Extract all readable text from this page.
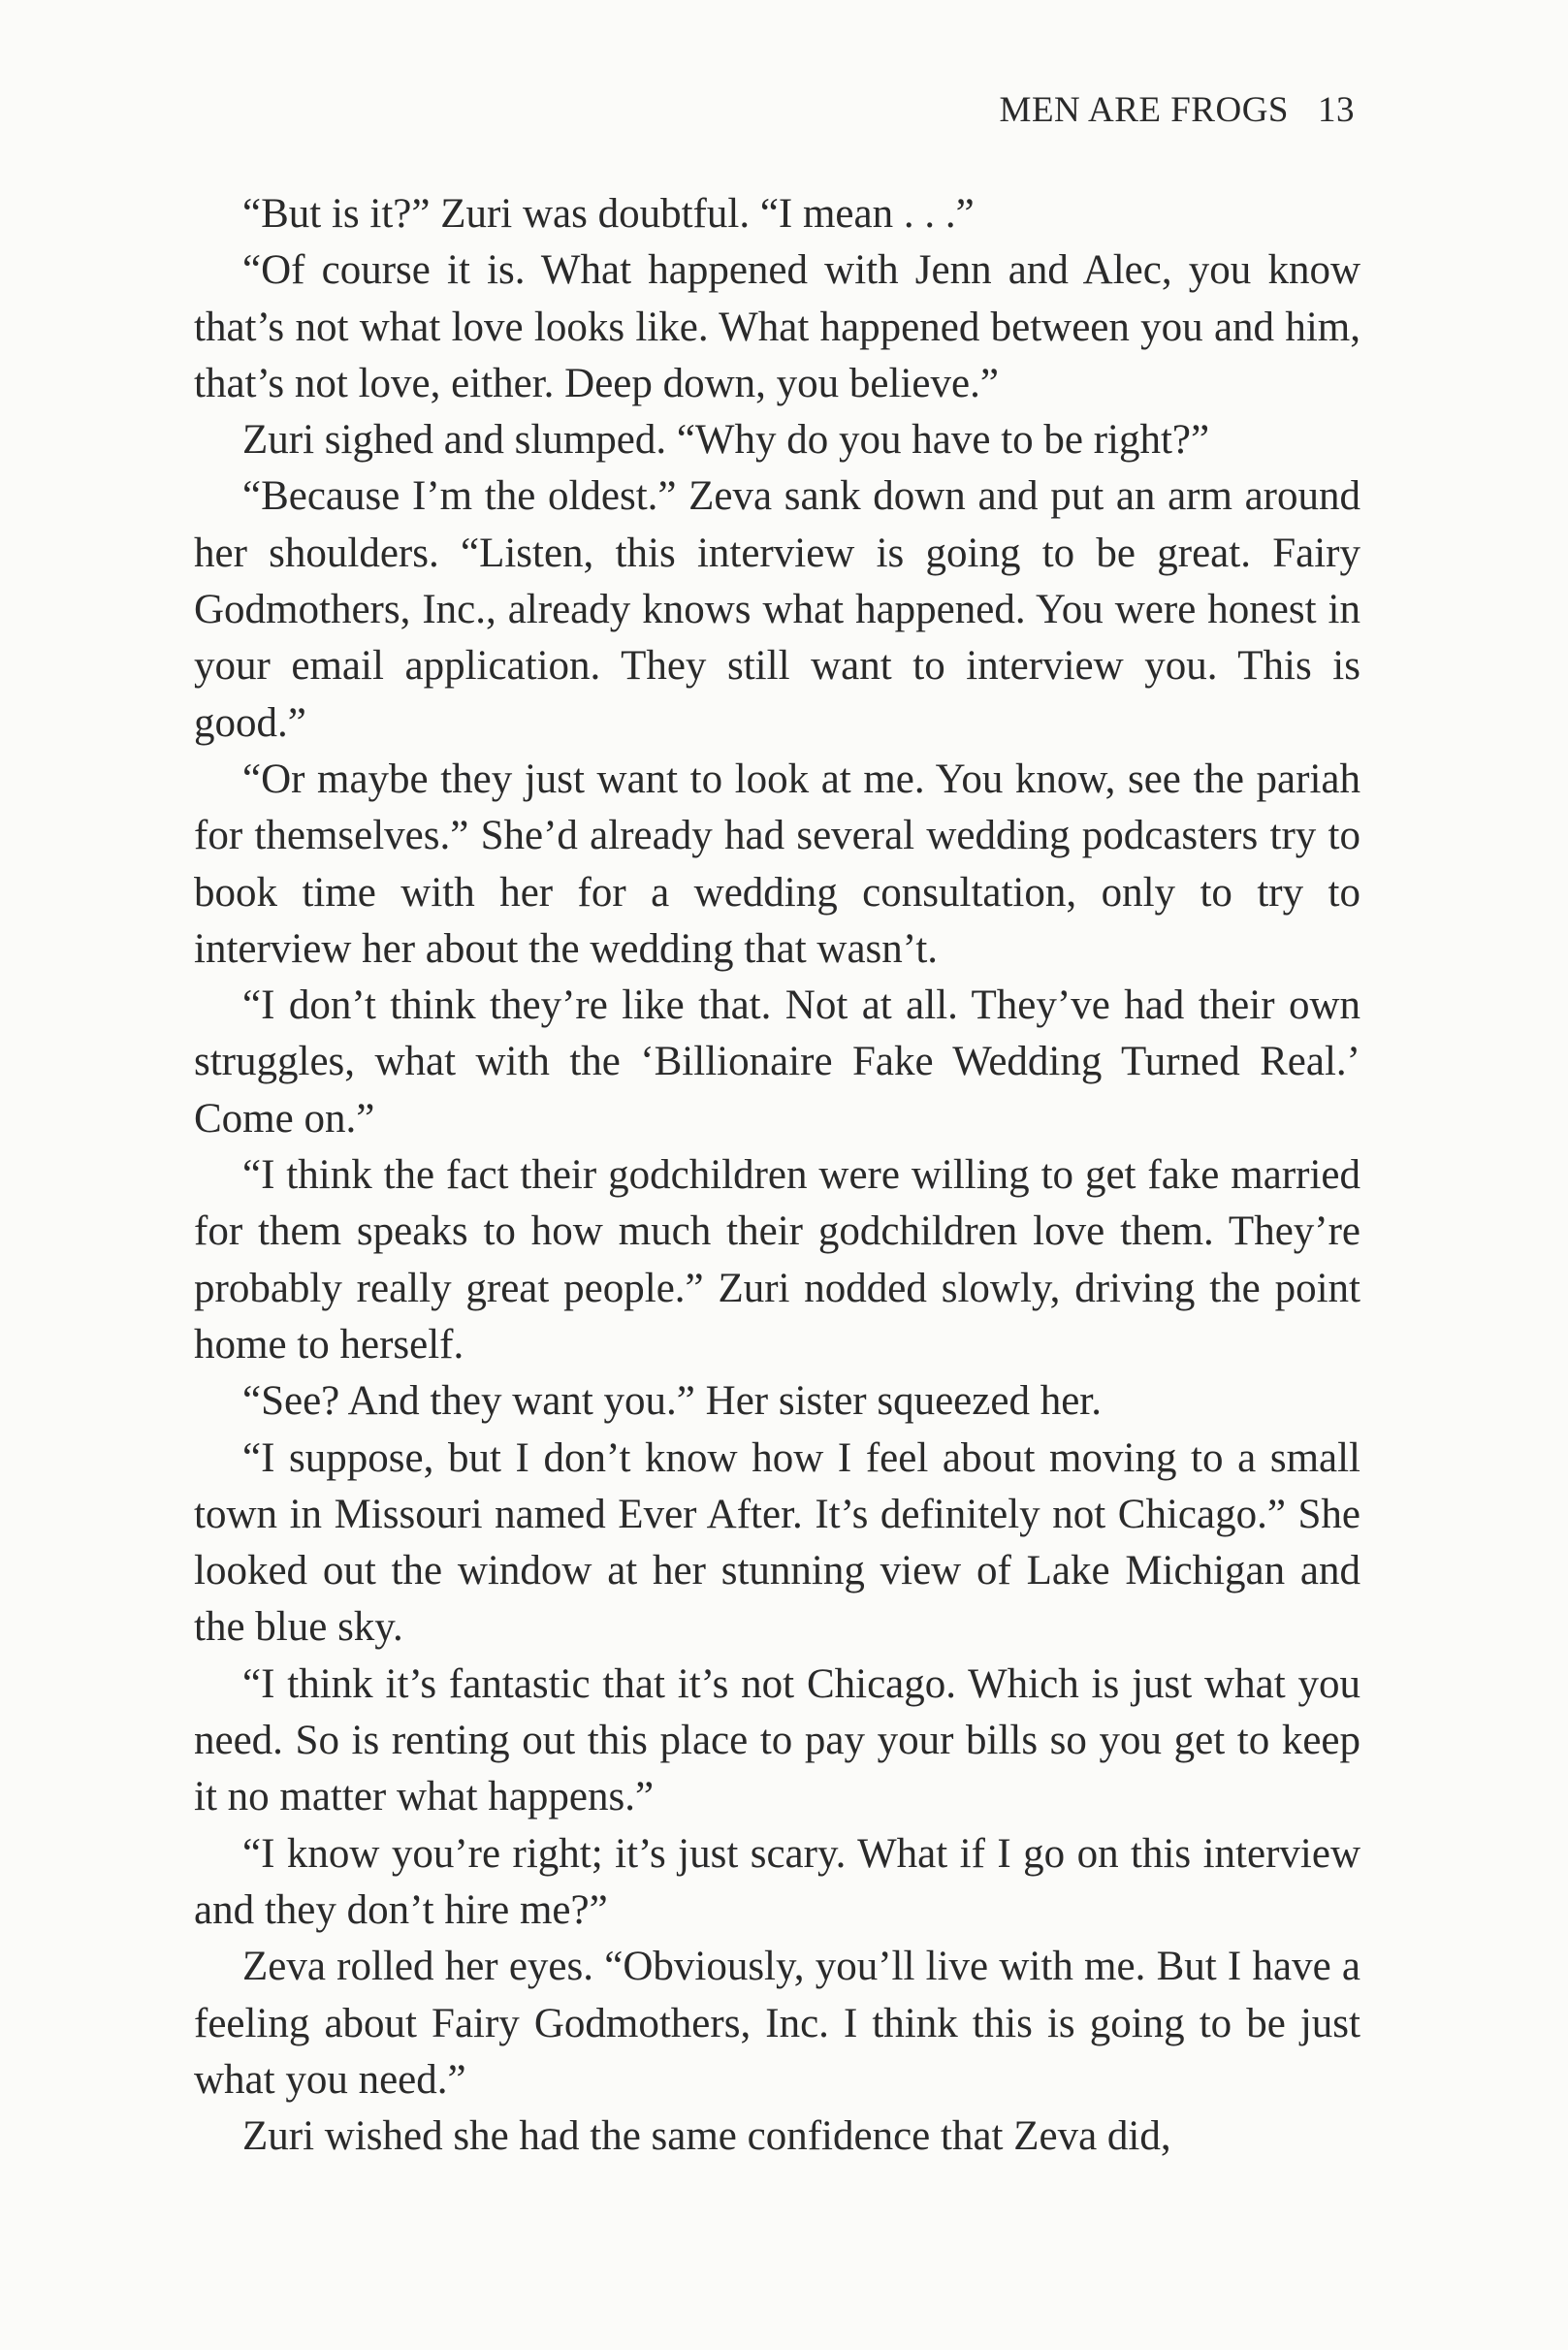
MEN ARE FROGS 13

“But is it?” Zuri was doubtful. “I mean . . .”

“Of course it is. What happened with Jenn and Alec, you know that’s not what love looks like. What happened between you and him, that’s not love, either. Deep down, you believe.”

Zuri sighed and slumped. “Why do you have to be right?”

“Because I’m the oldest.” Zeva sank down and put an arm around her shoulders. “Listen, this interview is going to be great. Fairy Godmothers, Inc., already knows what happened. You were honest in your email application. They still want to interview you. This is good.”

“Or maybe they just want to look at me. You know, see the pariah for themselves.” She’d already had several wedding podcasters try to book time with her for a wedding consultation, only to try to interview her about the wedding that wasn’t.

“I don’t think they’re like that. Not at all. They’ve had their own struggles, what with the ‘Billionaire Fake Wedding Turned Real.’ Come on.”

“I think the fact their godchildren were willing to get fake married for them speaks to how much their godchildren love them. They’re probably really great people.” Zuri nodded slowly, driving the point home to herself.

“See? And they want you.” Her sister squeezed her.

“I suppose, but I don’t know how I feel about moving to a small town in Missouri named Ever After. It’s definitely not Chicago.” She looked out the window at her stunning view of Lake Michigan and the blue sky.

“I think it’s fantastic that it’s not Chicago. Which is just what you need. So is renting out this place to pay your bills so you get to keep it no matter what happens.”

“I know you’re right; it’s just scary. What if I go on this interview and they don’t hire me?”

Zeva rolled her eyes. “Obviously, you’ll live with me. But I have a feeling about Fairy Godmothers, Inc. I think this is going to be just what you need.”

Zuri wished she had the same confidence that Zeva did,
